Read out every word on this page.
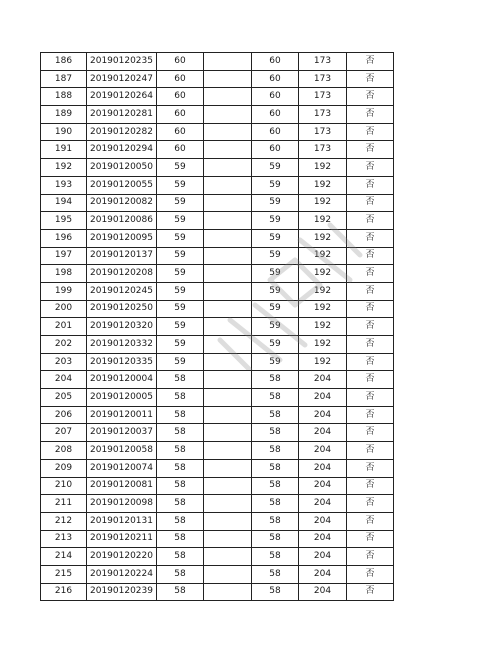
186	20190120235	60		60	173	否
187	20190120247	60		60	173	否
188	20190120264	60		60	173	否
189	20190120281	60		60	173	否
190	20190120282	60		60	173	否
191	20190120294	60		60	173	否
192	20190120050	59		59	192	否
193	20190120055	59		59	192	否
194	20190120082	59		59	192	否
195	20190120086	59		59	192	否
196	20190120095	59		59	192	否
197	20190120137	59		59	192	否
198	20190120208	59		59	192	否
199	20190120245	59		59	192	否
200	20190120250	59		59	192	否
201	20190120320	59		59	192	否
202	20190120332	59		59	192	否
203	20190120335	59		59	192	否
204	20190120004	58		58	204	否
205	20190120005	58		58	204	否
206	20190120011	58		58	204	否
207	20190120037	58		58	204	否
208	20190120058	58		58	204	否
209	20190120074	58		58	204	否
210	20190120081	58		58	204	否
211	20190120098	58		58	204	否
212	20190120131	58		58	204	否
213	20190120211	58		58	204	否
214	20190120220	58		58	204	否
215	20190120224	58		58	204	否
216	20190120239	58		58	204	否
